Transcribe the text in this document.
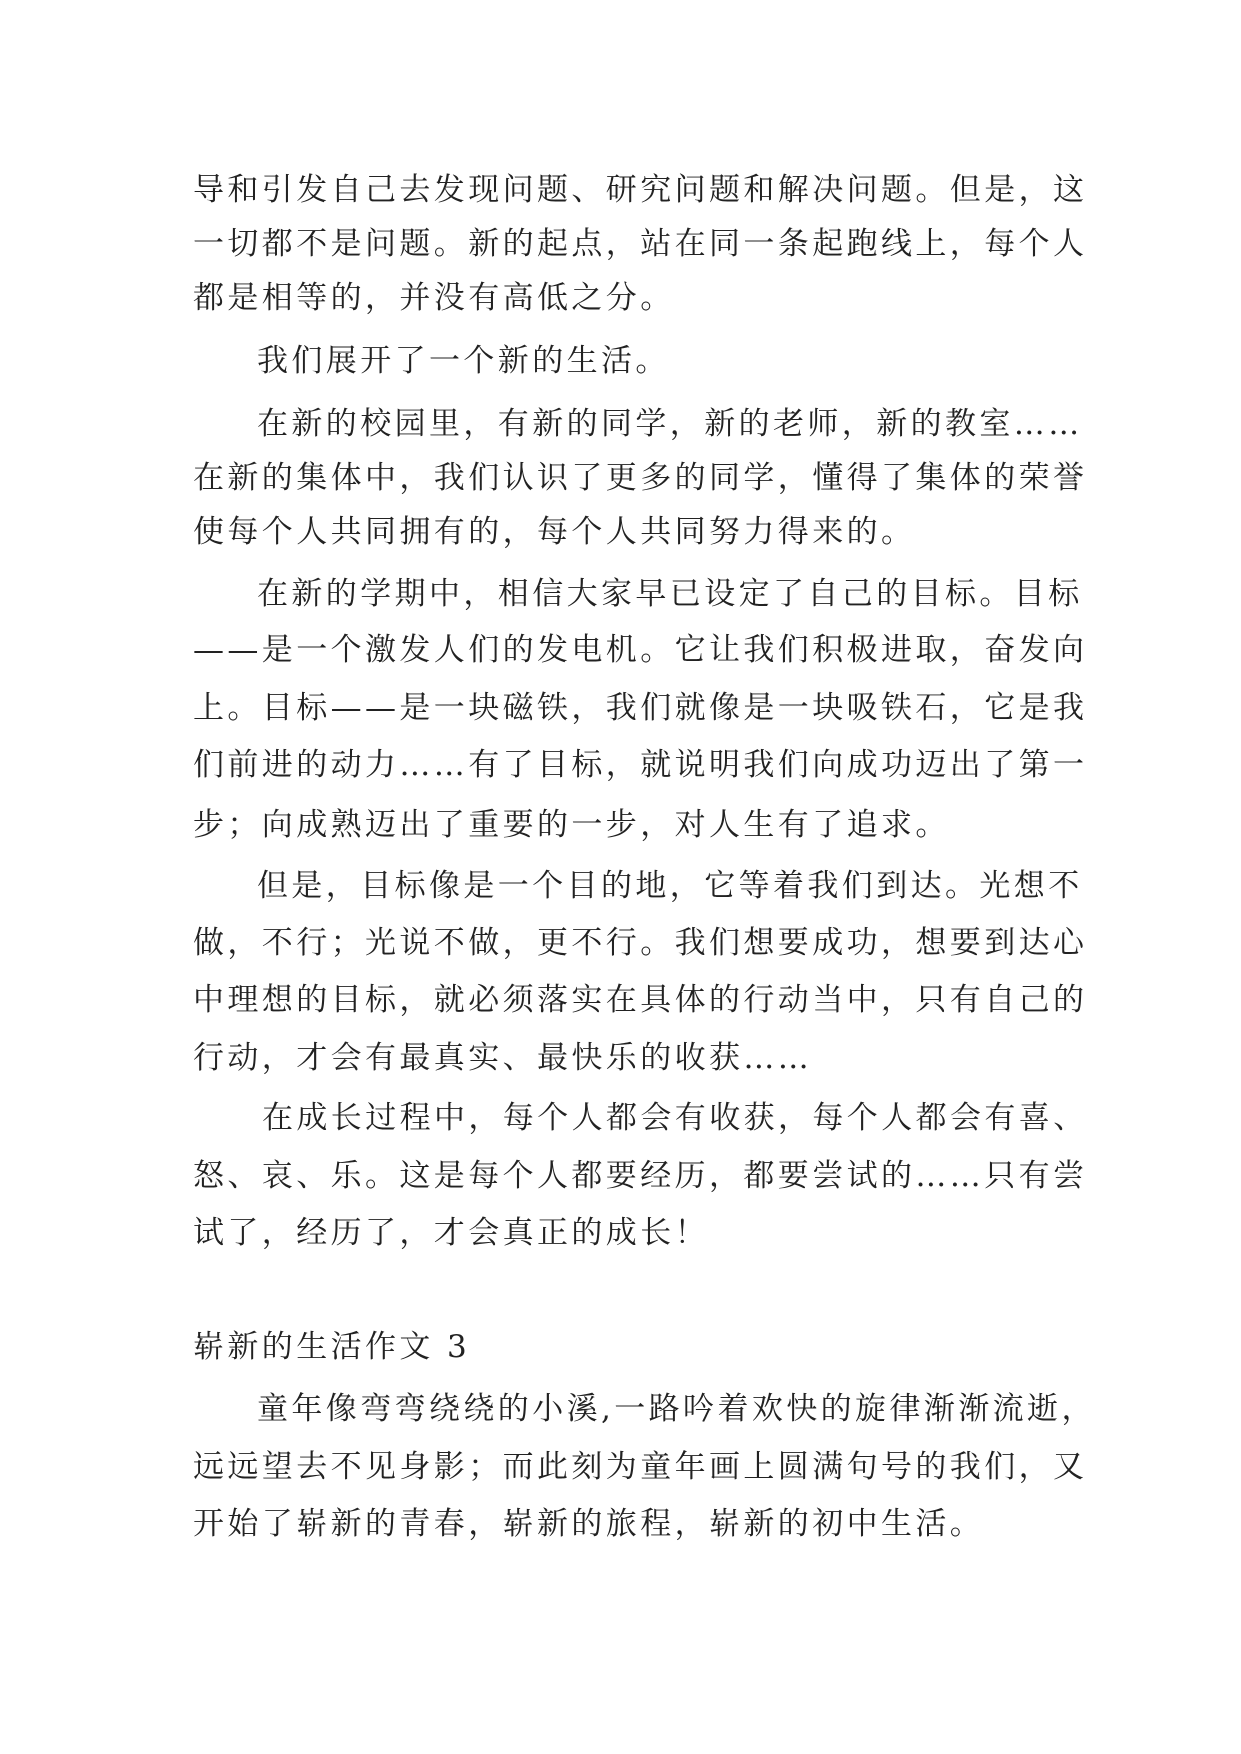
导和引发自己去发现问题、研究问题和解决问题。但是，这
一切都不是问题。新的起点，站在同一条起跑线上，每个人
都是相等的，并没有高低之分。
我们展开了一个新的生活。
在新的校园里，有新的同学，新的老师，新的教室……
在新的集体中，我们认识了更多的同学，懂得了集体的荣誉
使每个人共同拥有的，每个人共同努力得来的。
在新的学期中，相信大家早已设定了自己的目标。目标
——是一个激发人们的发电机。它让我们积极进取，奋发向
上。目标——是一块磁铁，我们就像是一块吸铁石，它是我
们前进的动力……有了目标，就说明我们向成功迈出了第一
步；向成熟迈出了重要的一步，对人生有了追求。
但是，目标像是一个目的地，它等着我们到达。光想不
做，不行；光说不做，更不行。我们想要成功，想要到达心
中理想的目标，就必须落实在具体的行动当中，只有自己的
行动，才会有最真实、最快乐的收获……
在成长过程中，每个人都会有收获，每个人都会有喜、
怒、哀、乐。这是每个人都要经历，都要尝试的……只有尝
试了，经历了，才会真正的成长！
崭新的生活作文 3
童年像弯弯绕绕的小溪,一路吟着欢快的旋律渐渐流逝，
远远望去不见身影；而此刻为童年画上圆满句号的我们，又
开始了崭新的青春，崭新的旅程，崭新的初中生活。
